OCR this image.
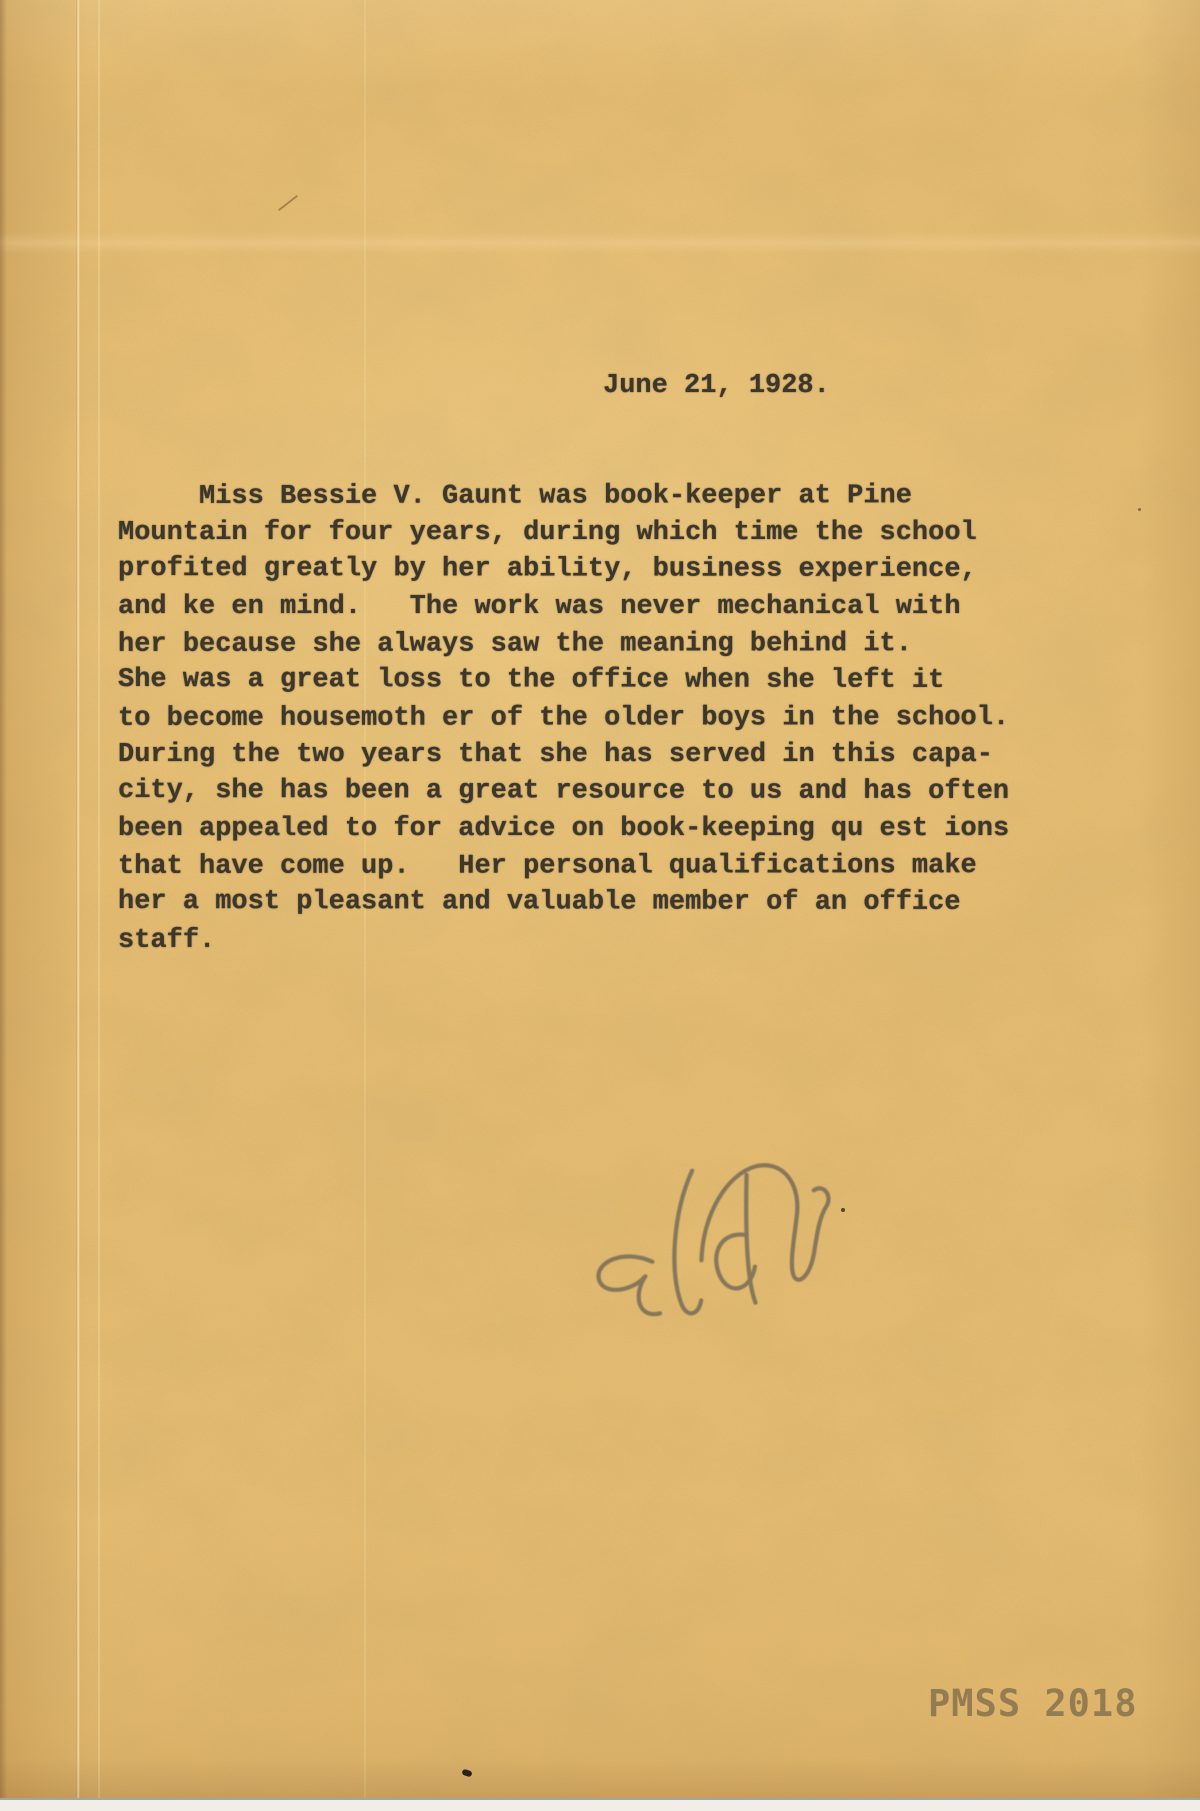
June 21, 1928.
Miss Bessie V. Gaunt was book-keeper at Pine
Mountain for four years, during which time the school
profited greatly by her ability, business experience,
and ke en mind.   The work was never mechanical with
her because she always saw the meaning behind it.
She was a great loss to the office when she left it
to become housemoth er of the older boys in the school.
During the two years that she has served in this capa-
city, she has been a great resource to us and has often
been appealed to for advice on book-keeping qu est ions
that have come up.   Her personal qualifications make
her a most pleasant and valuable member of an office
staff.
PMSS 2018
